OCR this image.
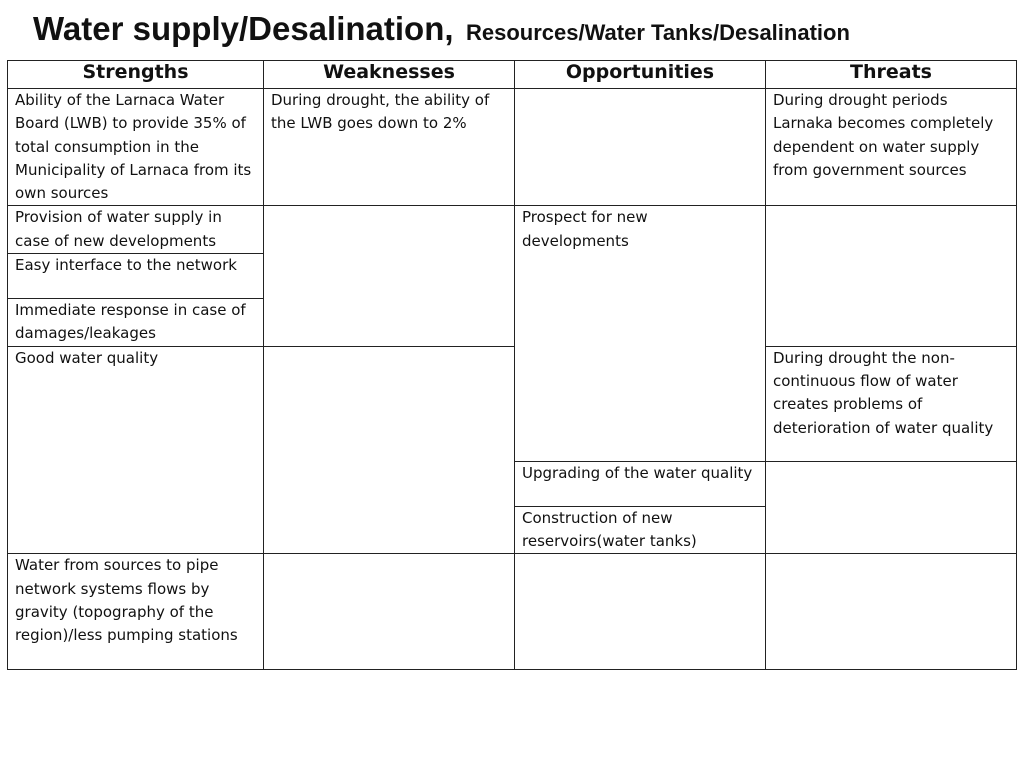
Water supply/Desalination, Resources/Water Tanks/Desalination
Strengths	Weaknesses	Opportunities	Threats
Ability of the Larnaca Water Board (LWB) to provide 35% of total consumption in the Municipality of Larnaca from its own sources	During drought, the ability of the LWB goes down to 2%		During drought periods Larnaka becomes completely dependent on water supply from government sources
Provision of water supply in case of new developments		Prospect for new developments	
Easy interface to the network			
Immediate response in case of damages/leakages			
Good water quality			During drought the non-continuous flow of water creates problems of deterioration of water quality

		Upgrading of the water quality	
		Construction of new reservoirs(water tanks)	
Water from sources to pipe network systems flows by gravity (topography of the region)/less pumping stations			
